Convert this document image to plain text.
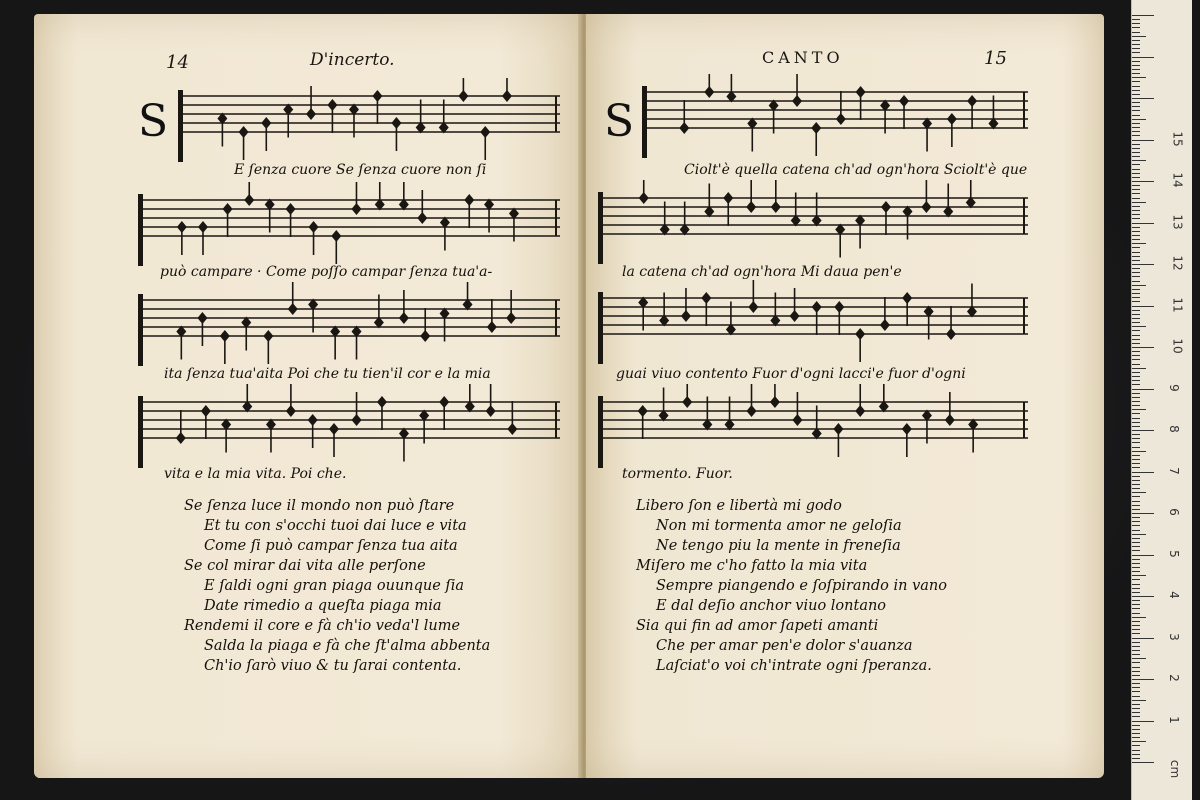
14	D'incerto.
S
E ſenza cuore Se ſenza cuore non ſi
può campare · Come poſſo campar ſenza tua'a-
ita ſenza tua'aita Poi che tu tien'il cor e la mia
vita e la mia vita. Poi che.
Se ſenza luce il mondo non può ſtare
Et tu con s'occhi tuoi dai luce e vita
Come ſi può campar ſenza tua aita
Se col mirar dai vita alle perſone
E ſaldi ogni gran piaga ouunque ſia
Date rimedio a queſta piaga mia
Rendemi il core e fà ch'io veda'l lume
Salda la piaga e fà che ſt'alma abbenta
Ch'io ſarò viuo & tu ſarai contenta.
CANTO	15
S
Ciolt'è quella catena ch'ad ogn'hora Sciolt'è que
la catena ch'ad ogn'hora Mi daua pen'e
guai viuo contento Fuor d'ogni lacci'e fuor d'ogni
tormento. Fuor.
Libero ſon e libertà mi godo
Non mi tormenta amor ne geloſia
Ne tengo piu la mente in freneſia
Miſero me c'ho fatto la mia vita
Sempre piangendo e ſoſpirando in vano
E dal deſio anchor viuo lontano
Sia qui fin ad amor ſapeti amanti
Che per amar pen'e dolor s'auanza
Laſciat'o voi ch'intrate ogni ſperanza.
cm
1
2
3
4
5
6
7
8
9
10
11
12
13
14
15
